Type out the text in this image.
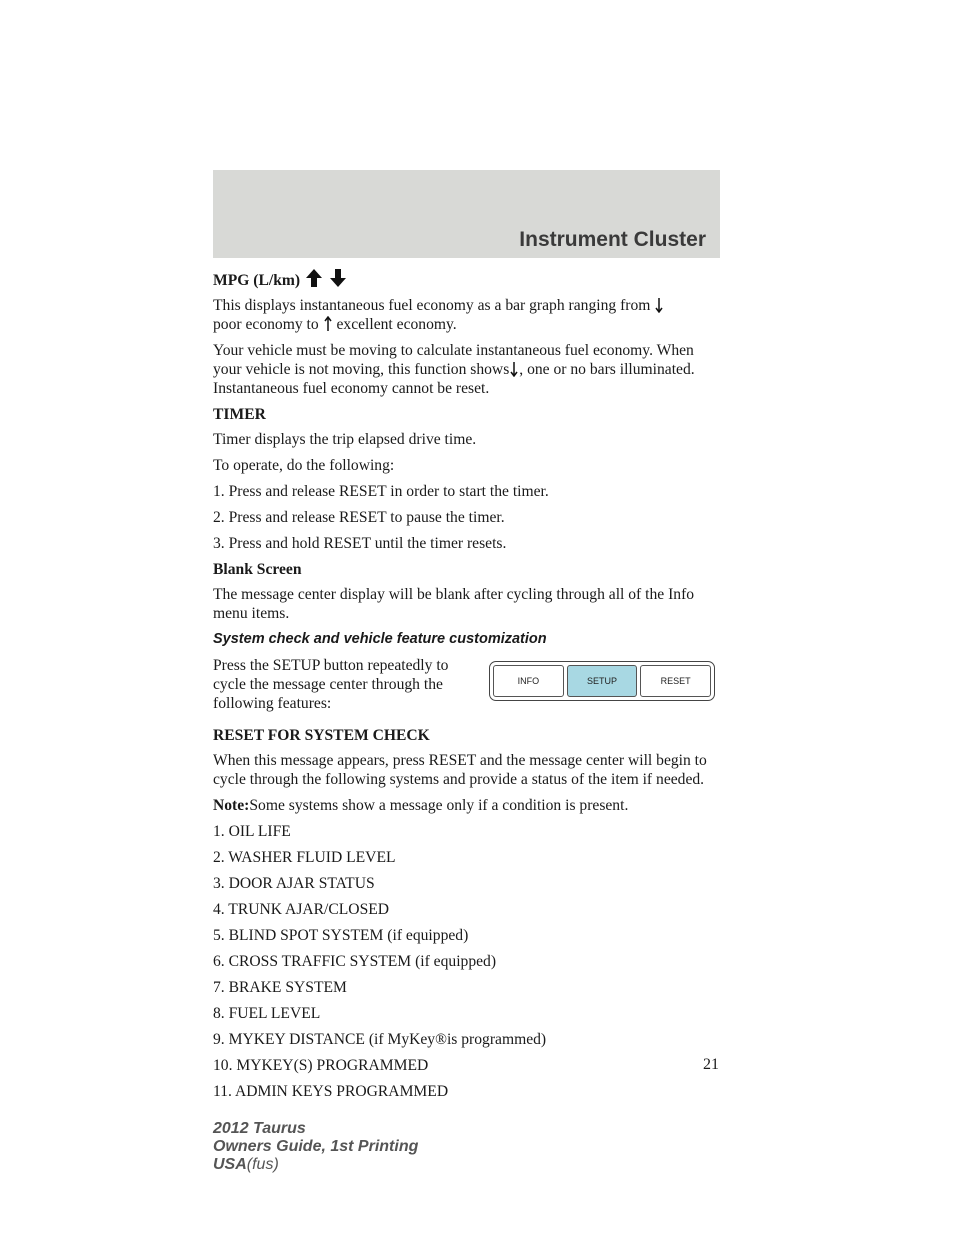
Instrument Cluster
MPG (L/km)

This displays instantaneous fuel economy as a bar graph ranging from
poor economy to excellent economy.

Your vehicle must be moving to calculate instantaneous fuel economy. When your vehicle is not moving, this function shows , one or no bars illuminated. Instantaneous fuel economy cannot be reset.

TIMER

Timer displays the trip elapsed drive time.

To operate, do the following:

1. Press and release RESET in order to start the timer.

2. Press and release RESET to pause the timer.

3. Press and hold RESET until the timer resets.

Blank Screen

The message center display will be blank after cycling through all of the Info menu items.

System check and vehicle feature customization

Press the SETUP button repeatedly to cycle the message center through the following features:

INFO	SETUP	RESET
RESET FOR SYSTEM CHECK

When this message appears, press RESET and the message center will begin to cycle through the following systems and provide a status of the item if needed.

Note:Some systems show a message only if a condition is present.

1. OIL LIFE

2. WASHER FLUID LEVEL

3. DOOR AJAR STATUS

4. TRUNK AJAR/CLOSED

5. BLIND SPOT SYSTEM (if equipped)

6. CROSS TRAFFIC SYSTEM (if equipped)

7. BRAKE SYSTEM

8. FUEL LEVEL

9. MYKEY DISTANCE (if MyKey®is programmed)

10. MYKEY(S) PROGRAMMED

11. ADMIN KEYS PROGRAMMED

21
2012 Taurus
Owners Guide, 1st Printing
USA(fus)
